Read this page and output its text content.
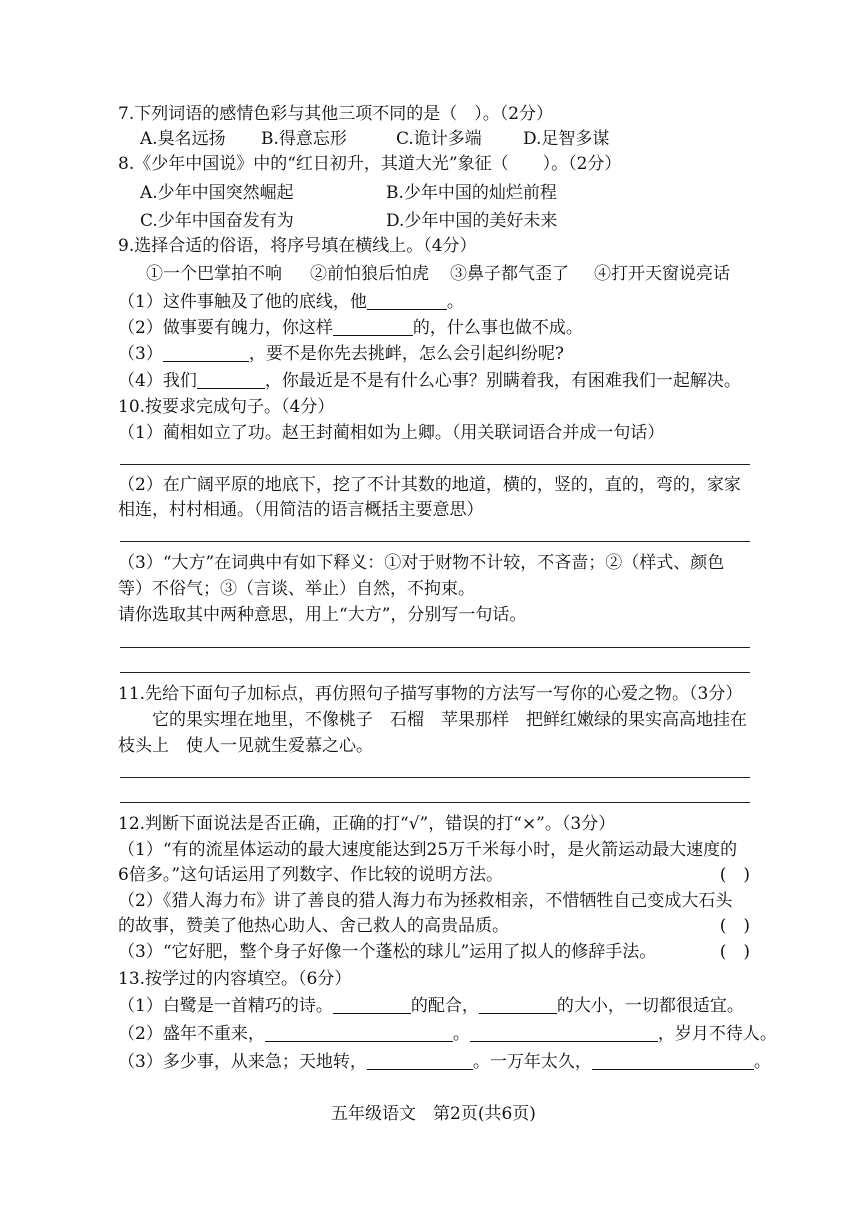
7.下列词语的感情色彩与其他三项不同的是（　）。（2分）
A.臭名远扬 B.得意忘形	C.诡计多端 D.足智多谋
8.《少年中国说》中的“红日初升，其道大光”象征（　　）。（2分）
A.少年中国突然崛起	B.少年中国的灿烂前程
C.少年中国奋发有为	D.少年中国的美好未来
9.选择合适的俗语，将序号填在横线上。（4分）
①一个巴掌拍不响 ②前怕狼后怕虎 ③鼻子都气歪了 ④打开天窗说亮话
（1）这件事触及了他的底线，他	。
（2）做事要有魄力，你这样	的，什么事也做不成。
（3）	，要不是你先去挑衅，怎么会引起纠纷呢?
（4）我们	，你最近是不是有什么心事？别瞒着我，有困难我们一起解决。
10.按要求完成句子。（4分）
（1）蔺相如立了功。赵王封蔺相如为上卿。（用关联词语合并成一句话）
（2）在广阔平原的地底下，挖了不计其数的地道，横的，竖的，直的，弯的，家家
相连，村村相通。（用简洁的语言概括主要意思）
（3）“大方”在词典中有如下释义：①对于财物不计较，不吝啬；②（样式、颜色
等）不俗气；③（言谈、举止）自然，不拘束。
请你选取其中两种意思，用上“大方”，分别写一句话。
11.先给下面句子加标点，再仿照句子描写事物的方法写一写你的心爱之物。（3分）
它的果实埋在地里，不像桃子　石榴　苹果那样　把鲜红嫩绿的果实高高地挂在
枝头上　使人一见就生爱慕之心。
12.判断下面说法是否正确，正确的打“√”，错误的打“×”。（3分）
（1）“有的流星体运动的最大速度能达到25万千米每小时，是火箭运动最大速度的
6倍多。”这句话运用了列数字、作比较的说明方法。	(　)
（2）《猎人海力布》讲了善良的猎人海力布为拯救相亲，不惜牺牲自己变成大石头
的故事，赞美了他热心助人、舍己救人的高贵品质。	(　)
（3）“它好肥，整个身子好像一个蓬松的球儿”运用了拟人的修辞手法。	(　)
13.按学过的内容填空。（6分）
（1）白鹭是一首精巧的诗。	的配合，	的大小，一切都很适宜。
（2）盛年不重来，	。	，岁月不待人。
（3）多少事，从来急；天地转，	。一万年太久，	。
五年级语文　第2页(共6页)
